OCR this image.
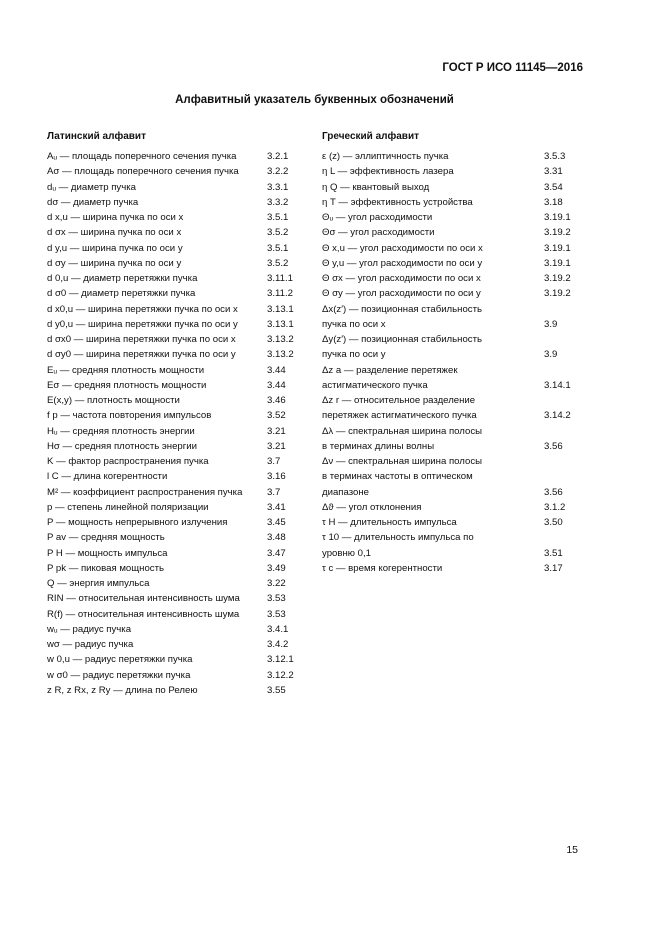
ГОСТ Р ИСО 11145—2016
Алфавитный указатель буквенных обозначений
Латинский алфавит
Aᵤ — площадь поперечного сечения пучка	3.2.1
Aσ — площадь поперечного сечения пучка	3.2.2
dᵤ — диаметр пучка	3.3.1
dσ — диаметр пучка	3.3.2
d x,u — ширина пучка по оси x	3.5.1
d σx — ширина пучка по оси x	3.5.2
d y,u — ширина пучка по оси y	3.5.1
d σy — ширина пучка по оси y	3.5.2
d 0,u — диаметр перетяжки пучка	3.11.1
d σ0 — диаметр перетяжки пучка	3.11.2
d x0,u — ширина перетяжки пучка по оси x	3.13.1
d y0,u — ширина перетяжки пучка по оси y	3.13.1
d σx0 — ширина перетяжки пучка по оси x	3.13.2
d σy0 — ширина перетяжки пучка по оси y	3.13.2
Eᵤ — средняя плотность мощности	3.44
Eσ — средняя плотность мощности	3.44
E(x,y) — плотность мощности	3.46
f p — частота повторения импульсов	3.52
Hᵤ — средняя плотность энергии	3.21
Hσ — средняя плотность энергии	3.21
K — фактор распространения пучка	3.7
l C — длина когерентности	3.16
M² — коэффициент распространения пучка	3.7
p — степень линейной поляризации	3.41
P — мощность непрерывного излучения	3.45
P av — средняя мощность	3.48
P H — мощность импульса	3.47
P pk — пиковая мощность	3.49
Q — энергия импульса	3.22
RIN — относительная интенсивность шума	3.53
R(f) — относительная интенсивность шума	3.53
wᵤ — радиус пучка	3.4.1
wσ — радиус пучка	3.4.2
w 0,u — радиус перетяжки пучка	3.12.1
w σ0 — радиус перетяжки пучка	3.12.2
z R, z Rx, z Ry — длина по Релею	3.55
Греческий алфавит
ε (z) — эллиптичность пучка	3.5.3
η L — эффективность лазера	3.31
η Q — квантовый выход	3.54
η T — эффективность устройства	3.18
Θᵤ — угол расходимости	3.19.1
Θσ — угол расходимости	3.19.2
Θ x,u — угол расходимости по оси x	3.19.1
Θ y,u — угол расходимости по оси y	3.19.1
Θ σx — угол расходимости по оси x	3.19.2
Θ σy — угол расходимости по оси y	3.19.2
Δx(z′) — позиционная стабильность
пучка по оси x	3.9
Δy(z′) — позиционная стабильность
пучка по оси y	3.9
Δz a — разделение перетяжек
астигматического пучка	3.14.1
Δz r — относительное разделение
перетяжек астигматического пучка	3.14.2
Δλ — спектральная ширина полосы
в терминах длины волны	3.56
Δν — спектральная ширина полосы
в терминах частоты в оптическом
диапазоне	3.56
Δϑ — угол отклонения	3.1.2
τ H — длительность импульса	3.50
τ 10 — длительность импульса по
уровню 0,1	3.51
τ c — время когерентности	3.17
15
